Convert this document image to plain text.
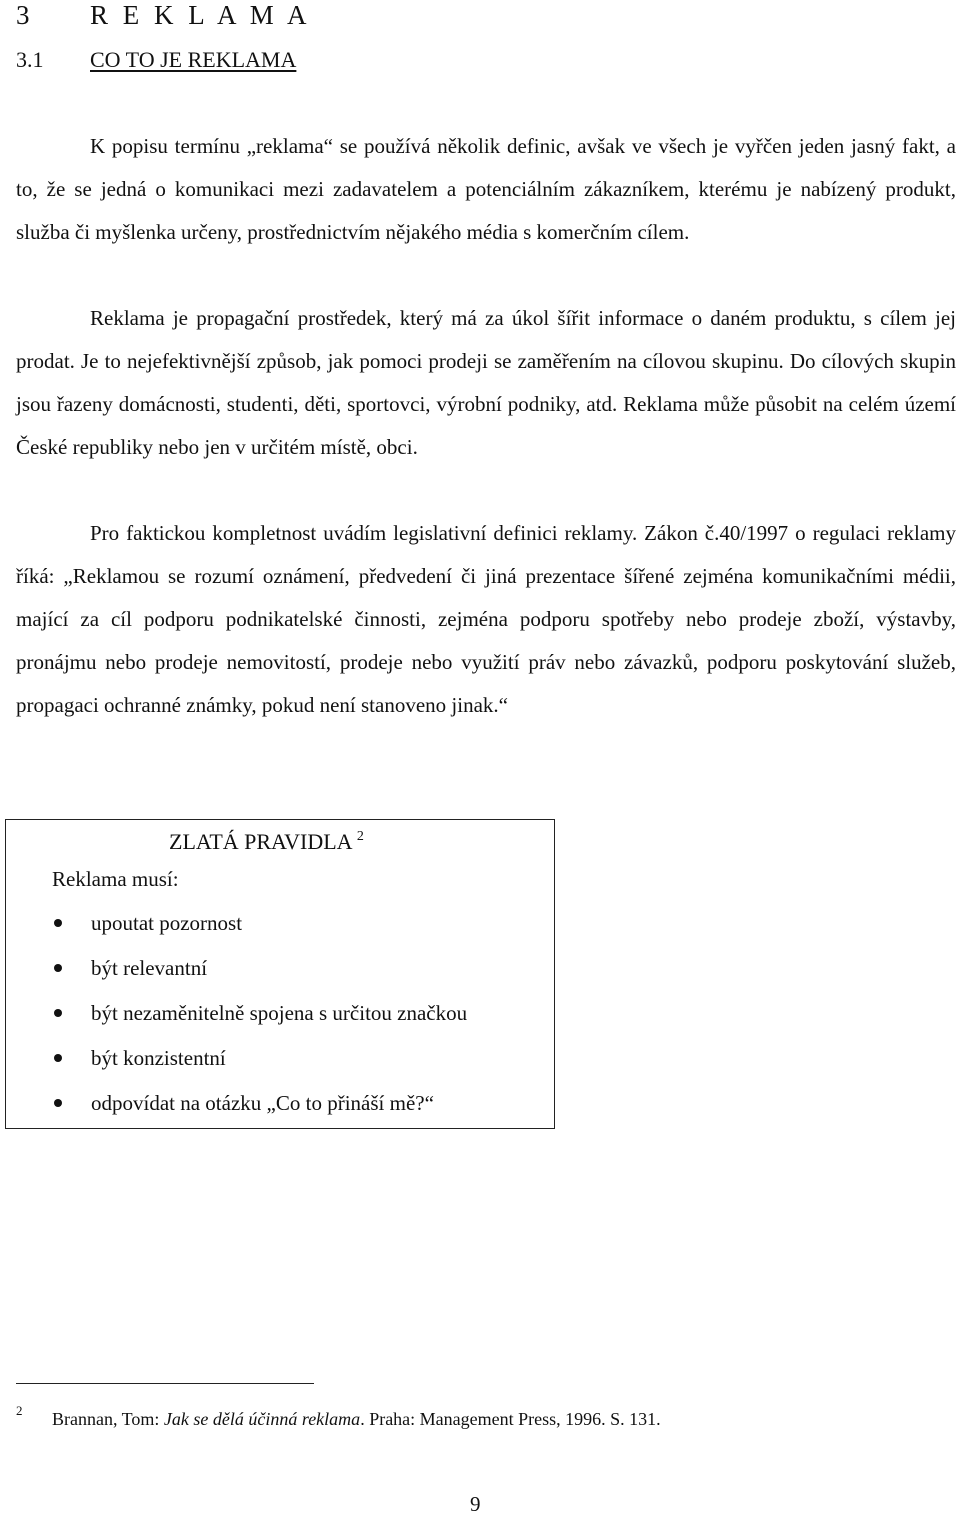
3 R E K L A M A
3.1 CO TO JE REKLAMA

K popisu termínu „reklama“ se používá několik definic, avšak ve všech je vyřčen jeden jasný fakt, a to, že se jedná o komunikaci mezi zadavatelem a potenciálním zákazníkem, kterému je nabízený produkt, služba či myšlenka určeny, prostřednictvím nějakého média s komerčním cílem.

Reklama je propagační prostředek, který má za úkol šířit informace o daném produktu, s cílem jej prodat. Je to nejefektivnější způsob, jak pomoci prodeji se zaměřením na cílovou skupinu. Do cílových skupin jsou řazeny domácnosti, studenti, děti, sportovci, výrobní podniky, atd. Reklama může působit na celém území České republiky nebo jen v určitém místě, obci.

Pro faktickou kompletnost uvádím legislativní definici reklamy. Zákon č.40/1997 o regulaci reklamy říká: „Reklamou se rozumí oznámení, předvedení či jiná prezentace šířené zejména komunikačními médii, mající za cíl podporu podnikatelské činnosti, zejména podporu spotřeby nebo prodeje zboží, výstavby, pronájmu nebo prodeje nemovitostí, prodeje nebo využití práv nebo závazků, podporu poskytování služeb, propagaci ochranné známky, pokud není stanoveno jinak.“

ZLATÁ PRAVIDLA $^2$
Reklama musí:
upoutat pozornost
být relevantní
být nezaměnitelně spojena s určitou značkou
být konzistentní
odpovídat na otázku „Co to přináší mě?“
2 Brannan, Tom: Jak se dělá účinná reklama. Praha: Management Press, 1996. S. 131.
9
